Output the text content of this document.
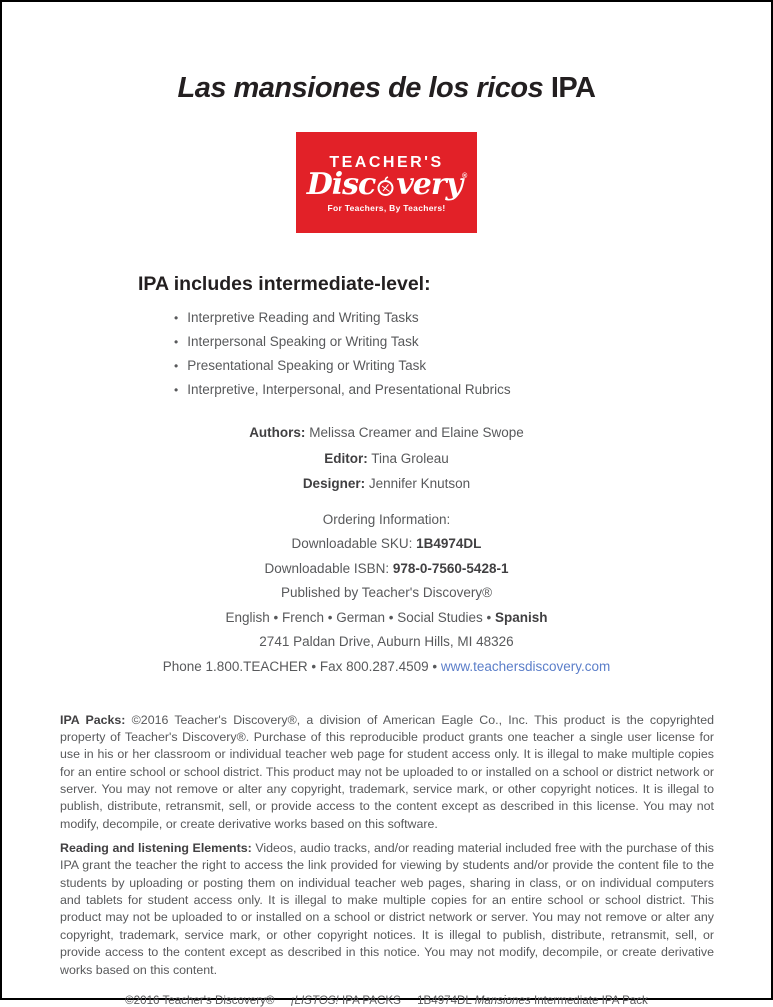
Las mansiones de los ricos IPA
TEACHER'S
Disc very ®
For Teachers, By Teachers!
IPA includes intermediate-level:
• Interpretive Reading and Writing Tasks
• Interpersonal Speaking or Writing Task
• Presentational Speaking or Writing Task
• Interpretive, Interpersonal, and Presentational Rubrics
Authors: Melissa Creamer and Elaine Swope
Editor: Tina Groleau
Designer: Jennifer Knutson
Ordering Information:
Downloadable SKU: 1B4974DL
Downloadable ISBN: 978-0-7560-5428-1
Published by Teacher's Discovery®
English • French • German • Social Studies • Spanish
2741 Paldan Drive, Auburn Hills, MI 48326
Phone 1.800.TEACHER • Fax 800.287.4509 • www.teachersdiscovery.com

IPA Packs: ©2016 Teacher's Discovery®, a division of American Eagle Co., Inc. This product is the copyrighted property of Teacher's Discovery®. Purchase of this reproducible product grants one teacher a single user license for use in his or her classroom or individual teacher web page for student access only. It is illegal to make multiple copies for an entire school or school district. This product may not be uploaded to or installed on a school or district network or server. You may not remove or alter any copyright, trademark, service mark, or other copyright notices. It is illegal to publish, distribute, retransmit, sell, or provide access to the content except as described in this license. You may not modify, decompile, or create derivative works based on this software.

Reading and listening Elements: Videos, audio tracks, and/or reading material included free with the purchase of this IPA grant the teacher the right to access the link provided for viewing by students and/or provide the content file to the students by uploading or posting them on individual teacher web pages, sharing in class, or on individual computers and tablets for student access only. It is illegal to make multiple copies for an entire school or school district. This product may not be uploaded to or installed on a school or district network or server. You may not remove or alter any copyright, trademark, service mark, or other copyright notices. It is illegal to publish, distribute, retransmit, sell, or provide access to the content except as described in this notice. You may not modify, decompile, or create derivative works based on this content.

©2016 Teacher's Discovery® ¡LISTOS! IPA PACKS 1B4974DL Mansiones Intermediate IPA Pack
